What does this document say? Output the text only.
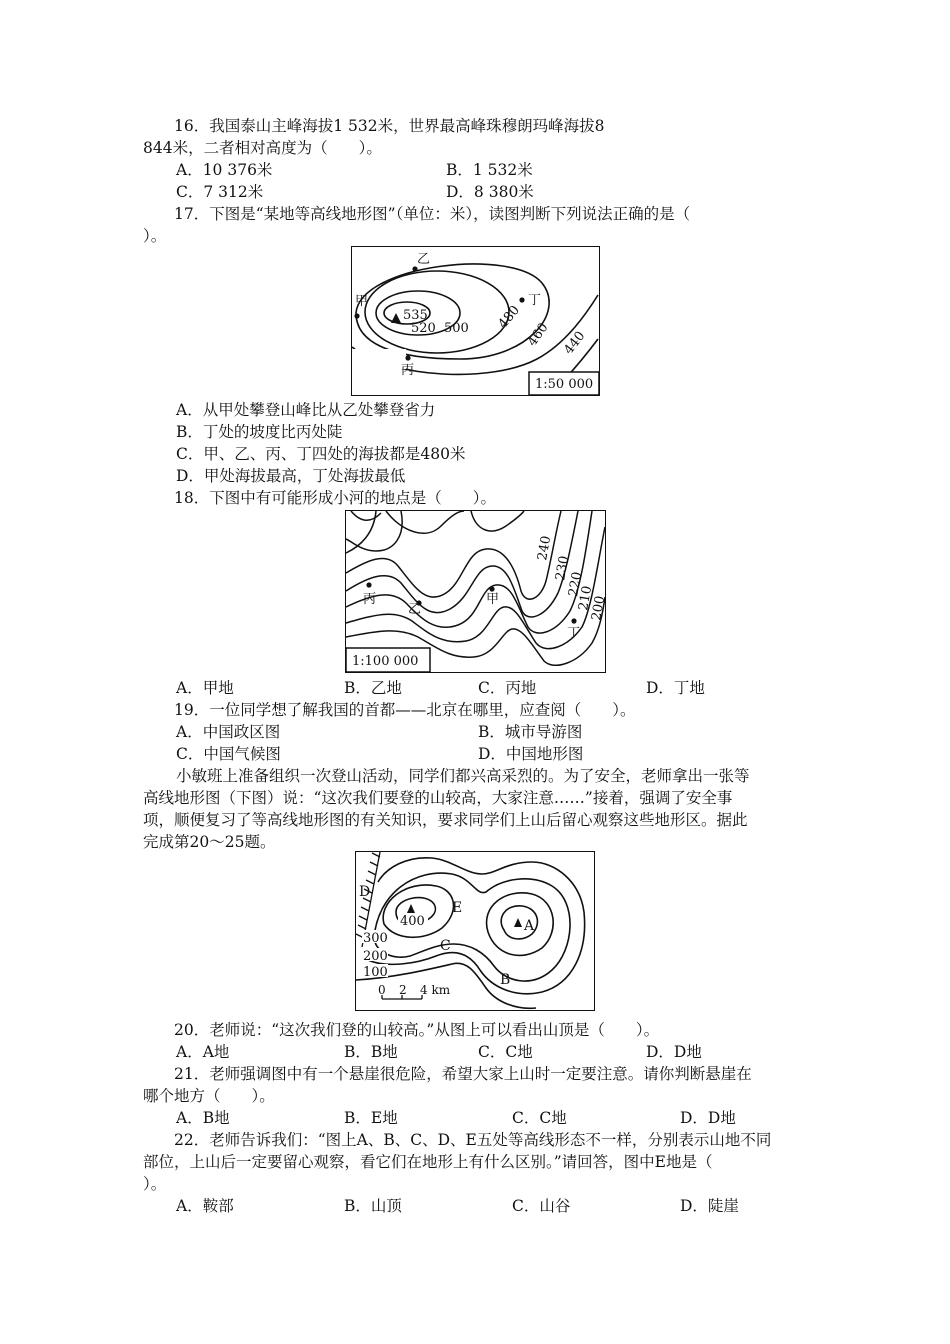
16．我国泰山主峰海拔1 532米，世界最高峰珠穆朗玛峰海拔8
844米，二者相对高度为（　　）。
A．10 376米	B．1 532米
C．7 312米	D．8 380米
17．下图是“某地等高线地形图”（单位：米），读图判断下列说法正确的是（
）。
535
520 500 480
460 440
乙
甲	丁
丙
1:50 000
A．从甲处攀登山峰比从乙处攀登省力
B．丁处的坡度比丙处陡
C．甲、乙、丙、丁四处的海拔都是480米
D．甲处海拔最高，丁处海拔最低
18．下图中有可能形成小河的地点是（　　）。
1:100 000
240
230
220
210
200
丙
乙
甲
丁
A．甲地	B．乙地	C．丙地	D．丁地
19．一位同学想了解我国的首都——北京在哪里，应查阅（　　）。
A．中国政区图	B．城市导游图
C．中国气候图	D．中国地形图
小敏班上准备组织一次登山活动，同学们都兴高采烈的。为了安全，老师拿出一张等
高线地形图（下图）说：“这次我们要登的山较高，大家注意……”接着，强调了安全事
项，顺便复习了等高线地形图的有关知识，要求同学们上山后留心观察这些地形区。据此
完成第20～25题。
400
300
200
100
D
E
A
C
B
0 2 4 km
20．老师说：“这次我们登的山较高。”从图上可以看出山顶是（　　）。
A．A地	B．B地	C．C地	D．D地
21．老师强调图中有一个悬崖很危险，希望大家上山时一定要注意。请你判断悬崖在
哪个地方（　　）。
A．B地	B．E地	C．C地	D．D地
22．老师告诉我们：“图上A、B、C、D、E五处等高线形态不一样，分别表示山地不同
部位，上山后一定要留心观察，看它们在地形上有什么区别。”请回答，图中E地是（
）。
A．鞍部	B．山顶	C．山谷	D．陡崖
